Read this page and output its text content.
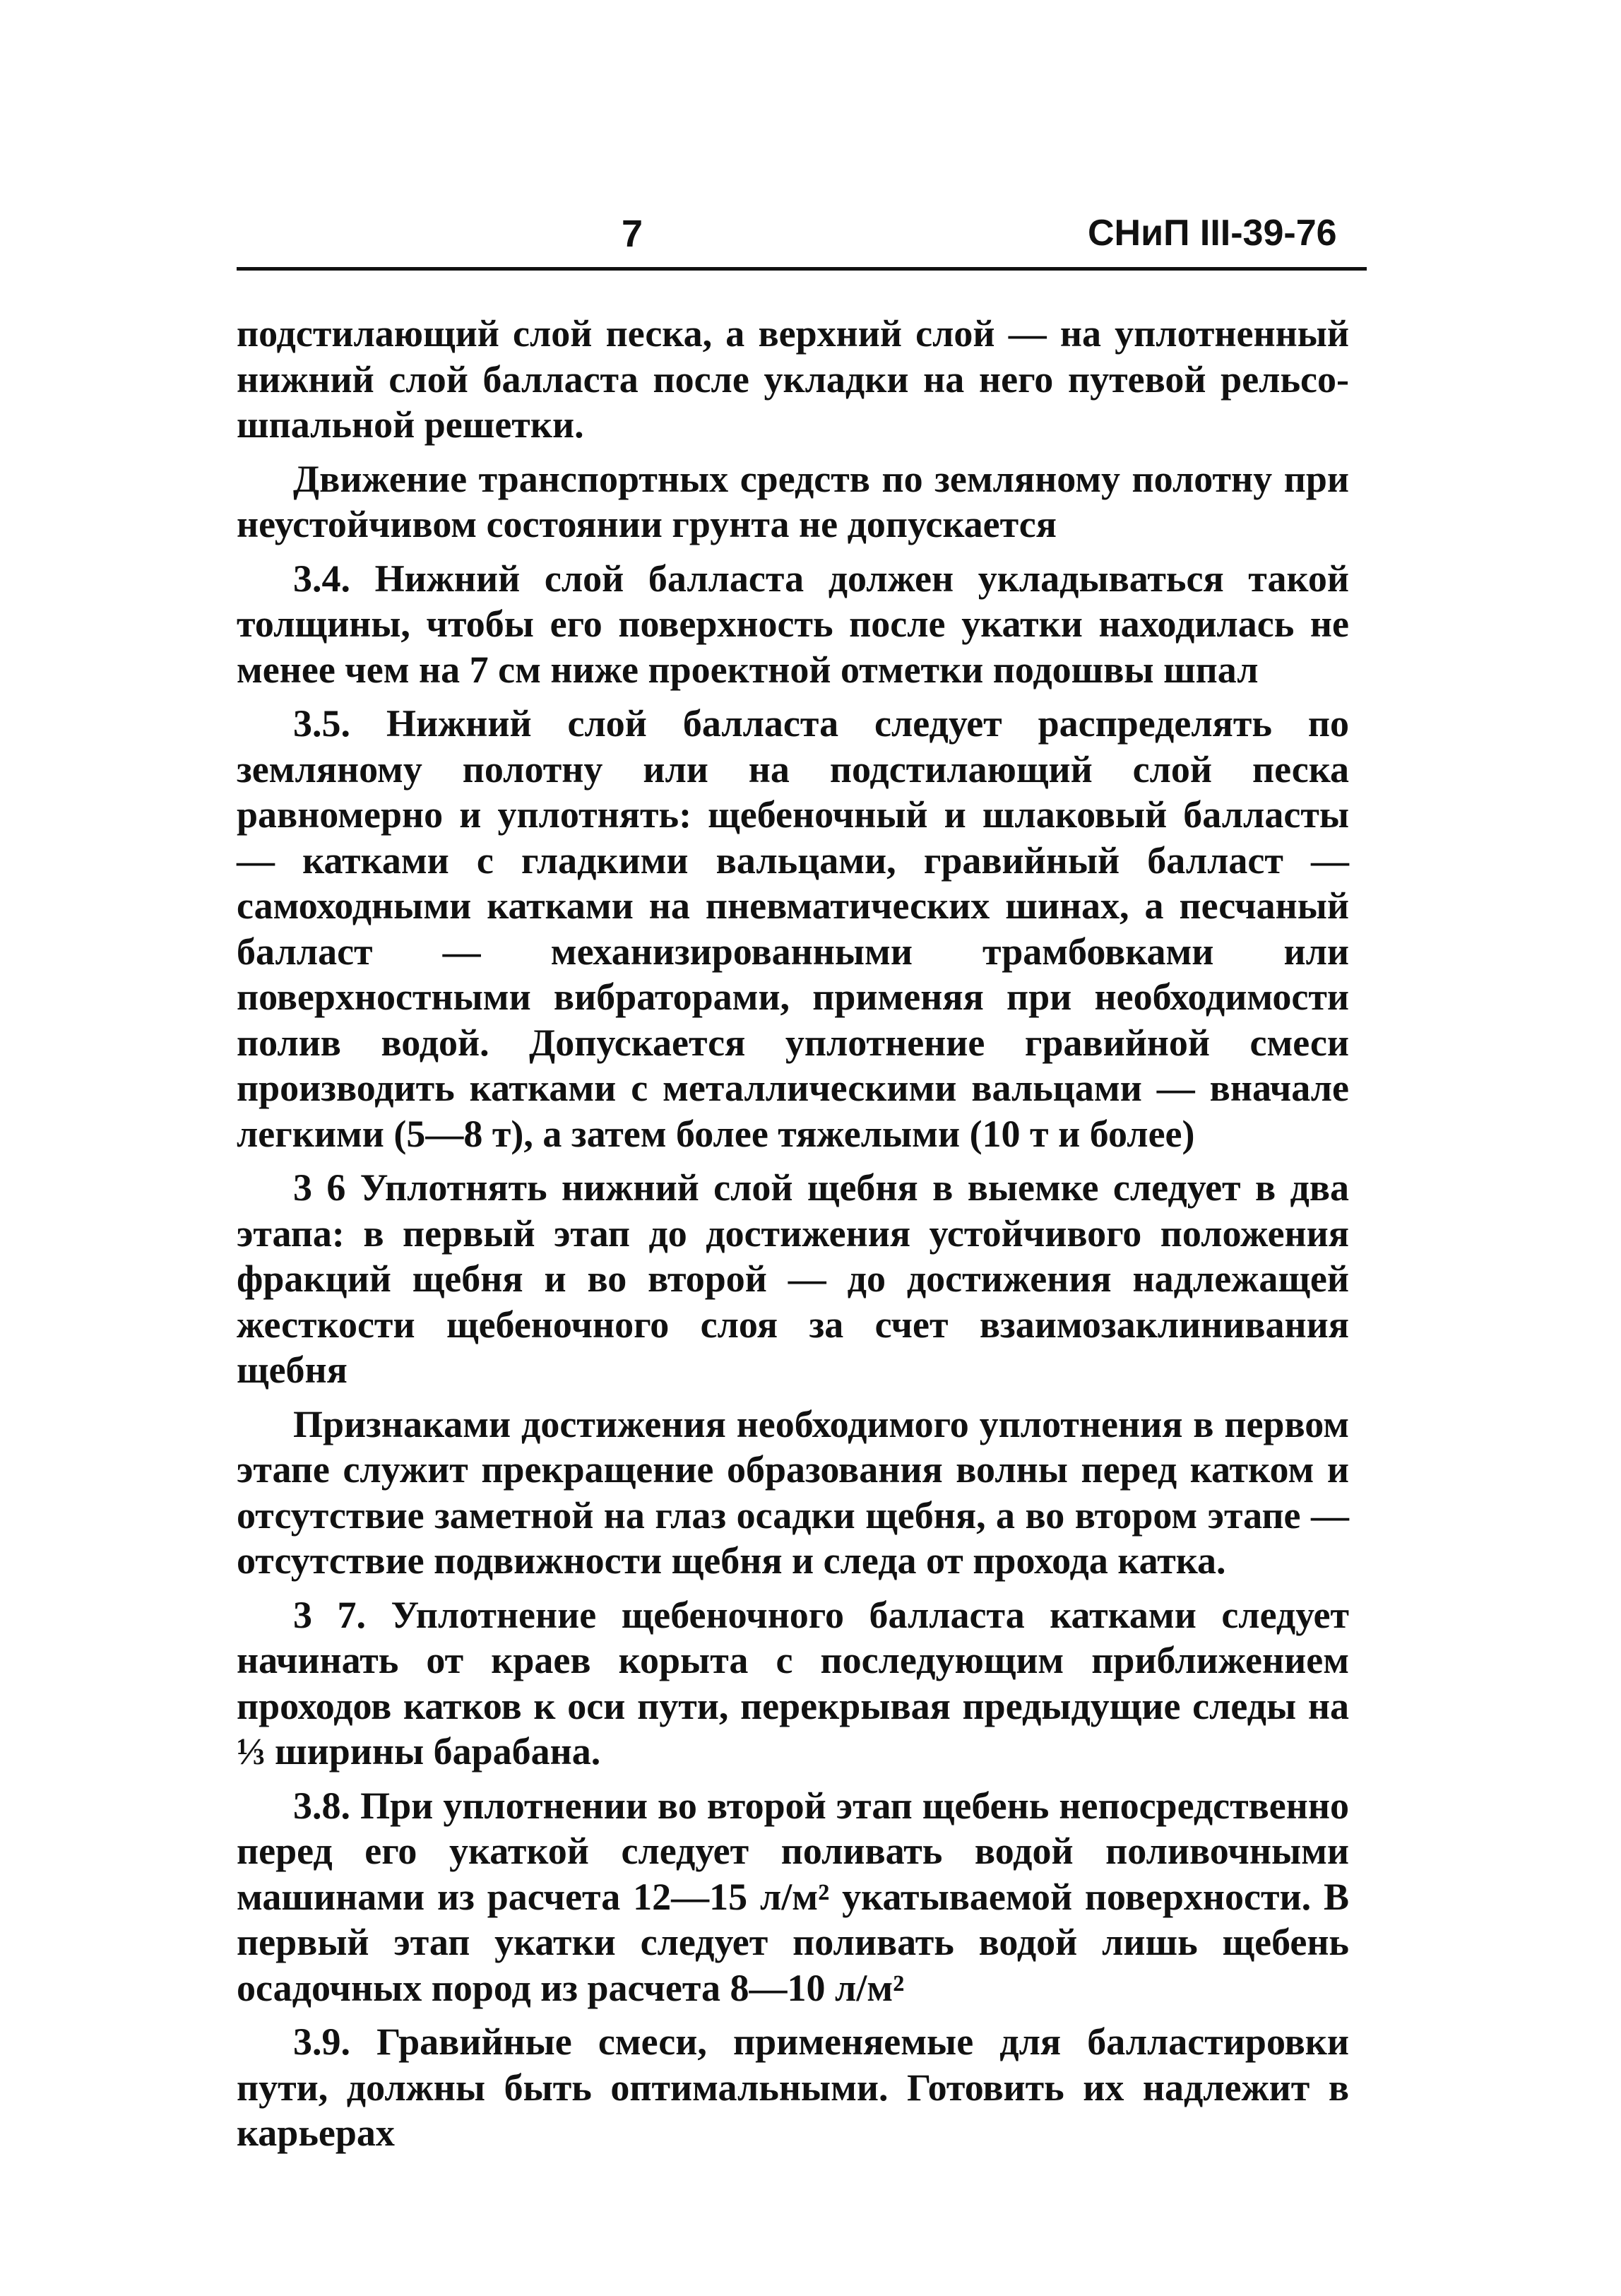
7	СНиП III-39-76

подстилающий слой песка, а верхний слой — на уплотненный нижний слой балласта после укладки на него путевой рельсо-шпальной решетки.

Движение транспортных средств по земляному полотну при неустойчивом состоянии грунта не допускается

3.4. Нижний слой балласта должен укладываться такой толщины, чтобы его поверхность после укатки находилась не менее чем на 7 см ниже проектной отметки подошвы шпал

3.5. Нижний слой балласта следует распределять по земляному полотну или на подстилающий слой песка равномерно и уплотнять: щебеночный и шлаковый балласты — катками с гладкими вальцами, гравийный балласт — самоходными катками на пневматических шинах, а песчаный балласт — механизированными трамбовками или поверхностными вибраторами, применяя при необходимости полив водой. Допускается уплотнение гравийной смеси производить катками с металлическими вальцами — вначале легкими (5—8 т), а затем более тяжелыми (10 т и более)

3 6 Уплотнять нижний слой щебня в выемке следует в два этапа: в первый этап до достижения устойчивого положения фракций щебня и во второй — до достижения надлежащей жесткости щебеночного слоя за счет взаимозаклинивания щебня

Признаками достижения необходимого уплотнения в первом этапе служит прекращение образования волны перед катком и отсутствие заметной на глаз осадки щебня, а во втором этапе — отсутствие подвижности щебня и следа от прохода катка.

3 7. Уплотнение щебеночного балласта катками следует начинать от краев корыта с последующим приближением проходов катков к оси пути, перекрывая предыдущие следы на ⅓ ширины барабана.

3.8. При уплотнении во второй этап щебень непосредственно перед его укаткой следует поливать водой поливочными машинами из расчета 12—15 л/м² укатываемой поверхности. В первый этап укатки следует поливать водой лишь щебень осадочных пород из расчета 8—10 л/м²

3.9. Гравийные смеси, применяемые для балластировки пути, должны быть оптимальными. Готовить их надлежит в карьерах
